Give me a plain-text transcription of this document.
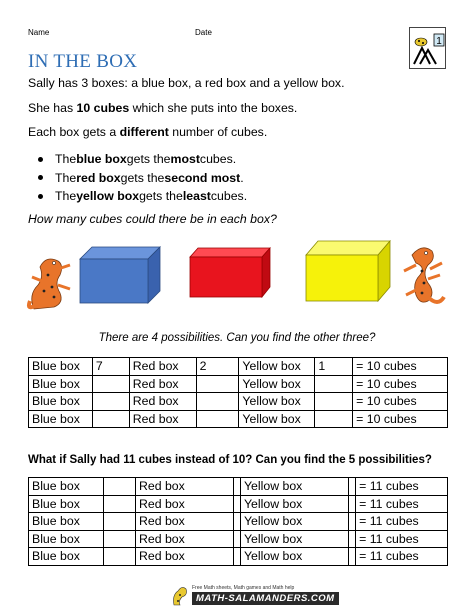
Name	Date
1
IN THE BOX
Sally has 3 boxes: a blue box, a red box and a yellow box.
She has 10 cubes which she puts into the boxes.
Each box gets a different number of cubes.
The blue box gets the most cubes.
The red box gets the second most .
The yellow box gets the least cubes.
How many cubes could there be in each box?
There are 4 possibilities. Can you find the other three?
Blue box	7	Red box	2	Yellow box	1	= 10 cubes
Blue box		Red box		Yellow box		= 10 cubes
Blue box		Red box		Yellow box		= 10 cubes
Blue box		Red box		Yellow box		= 10 cubes
What if Sally had 11 cubes instead of 10? Can you find the 5 possibilities?
Blue box		Red box		Yellow box		= 11 cubes
Blue box		Red box		Yellow box		= 11 cubes
Blue box		Red box		Yellow box		= 11 cubes
Blue box		Red box		Yellow box		= 11 cubes
Blue box		Red box		Yellow box		= 11 cubes
Free Math sheets, Math games and Math help
MATH-SALAMANDERS.COM
